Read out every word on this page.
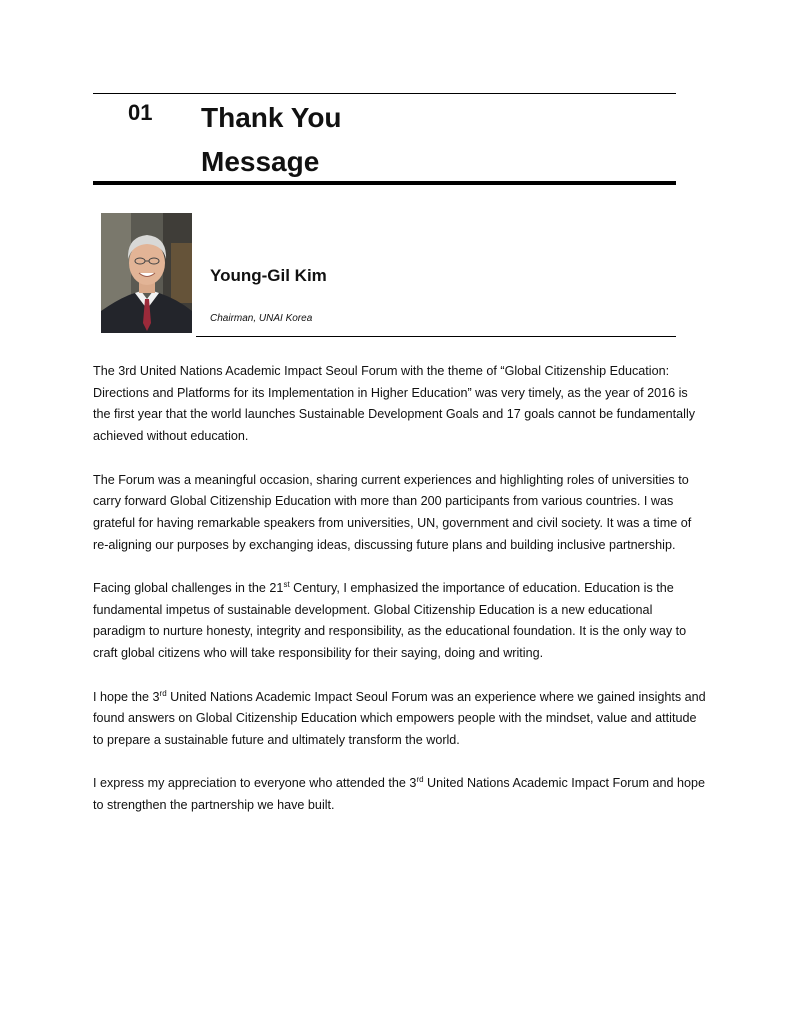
01 Thank You
Message
Young-Gil Kim
Chairman, UNAI Korea

The 3rd United Nations Academic Impact Seoul Forum with the theme of “Global Citizenship Education: Directions and Platforms for its Implementation in Higher Education” was very timely, as the year of 2016 is the first year that the world launches Sustainable Development Goals and 17 goals cannot be fundamentally achieved without education.

The Forum was a meaningful occasion, sharing current experiences and highlighting roles of universities to carry forward Global Citizenship Education with more than 200 participants from various countries. I was grateful for having remarkable speakers from universities, UN, government and civil society. It was a time of re-aligning our purposes by exchanging ideas, discussing future plans and building inclusive partnership.

Facing global challenges in the 21st Century, I emphasized the importance of education. Education is the fundamental impetus of sustainable development. Global Citizenship Education is a new educational paradigm to nurture honesty, integrity and responsibility, as the educational foundation. It is the only way to craft global citizens who will take responsibility for their saying, doing and writing.

I hope the 3rd United Nations Academic Impact Seoul Forum was an experience where we gained insights and found answers on Global Citizenship Education which empowers people with the mindset, value and attitude to prepare a sustainable future and ultimately transform the world.

I express my appreciation to everyone who attended the 3rd United Nations Academic Impact Forum and hope to strengthen the partnership we have built.
